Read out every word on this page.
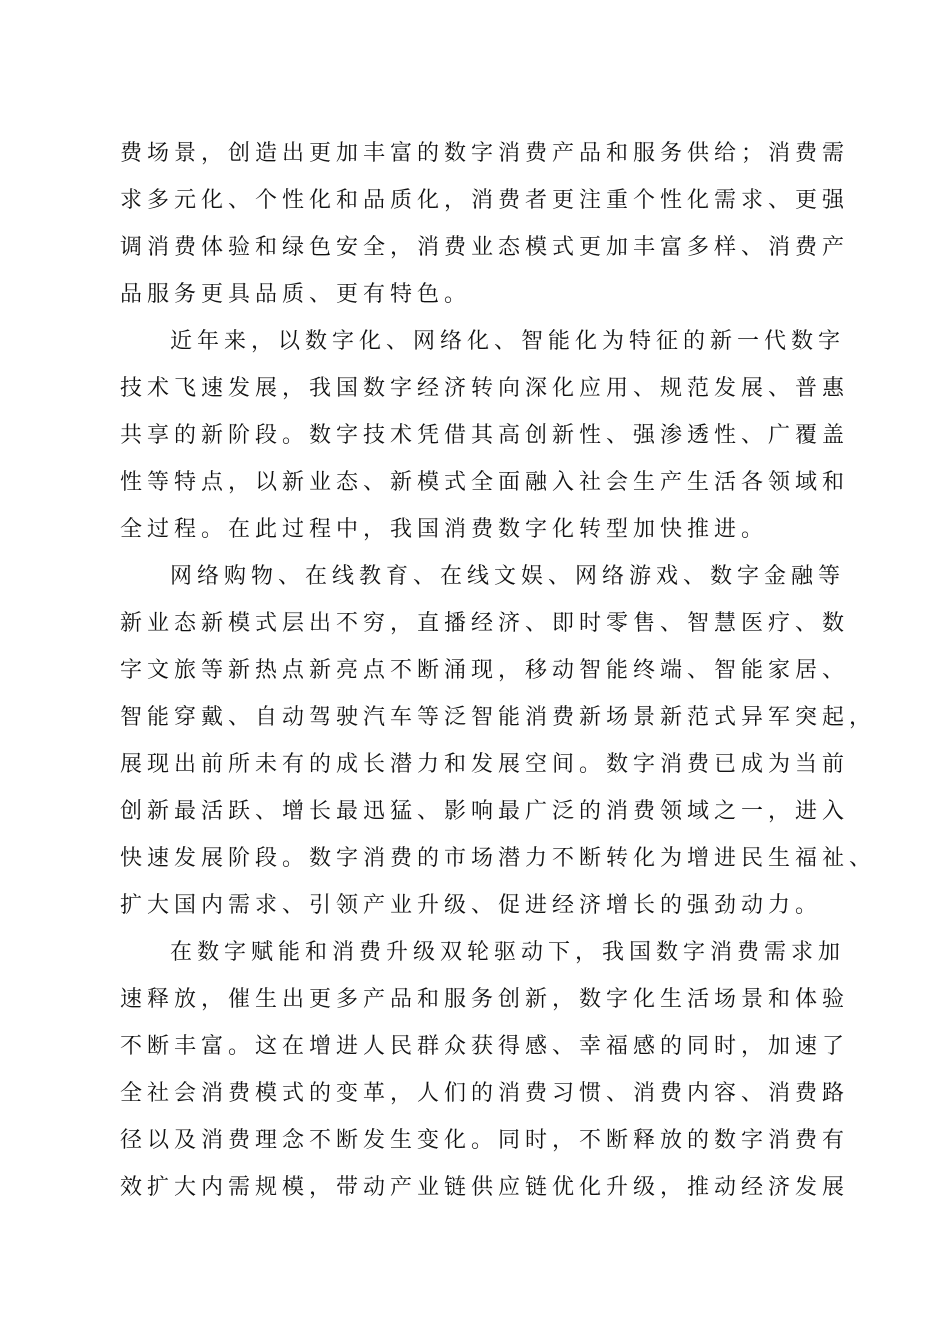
费场景，创造出更加丰富的数字消费产品和服务供给；消费需
求多元化、个性化和品质化，消费者更注重个性化需求、更强
调消费体验和绿色安全，消费业态模式更加丰富多样、消费产
品服务更具品质、更有特色。
近年来，以数字化、网络化、智能化为特征的新一代数字
技术飞速发展，我国数字经济转向深化应用、规范发展、普惠
共享的新阶段。数字技术凭借其高创新性、强渗透性、广覆盖
性等特点，以新业态、新模式全面融入社会生产生活各领域和
全过程。在此过程中，我国消费数字化转型加快推进。
网络购物、在线教育、在线文娱、网络游戏、数字金融等
新业态新模式层出不穷，直播经济、即时零售、智慧医疗、数
字文旅等新热点新亮点不断涌现，移动智能终端、智能家居、
智能穿戴、自动驾驶汽车等泛智能消费新场景新范式异军突起，
展现出前所未有的成长潜力和发展空间。数字消费已成为当前
创新最活跃、增长最迅猛、影响最广泛的消费领域之一，进入
快速发展阶段。数字消费的市场潜力不断转化为增进民生福祉、
扩大国内需求、引领产业升级、促进经济增长的强劲动力。
在数字赋能和消费升级双轮驱动下，我国数字消费需求加
速释放，催生出更多产品和服务创新，数字化生活场景和体验
不断丰富。这在增进人民群众获得感、幸福感的同时，加速了
全社会消费模式的变革，人们的消费习惯、消费内容、消费路
径以及消费理念不断发生变化。同时，不断释放的数字消费有
效扩大内需规模，带动产业链供应链优化升级，推动经济发展
